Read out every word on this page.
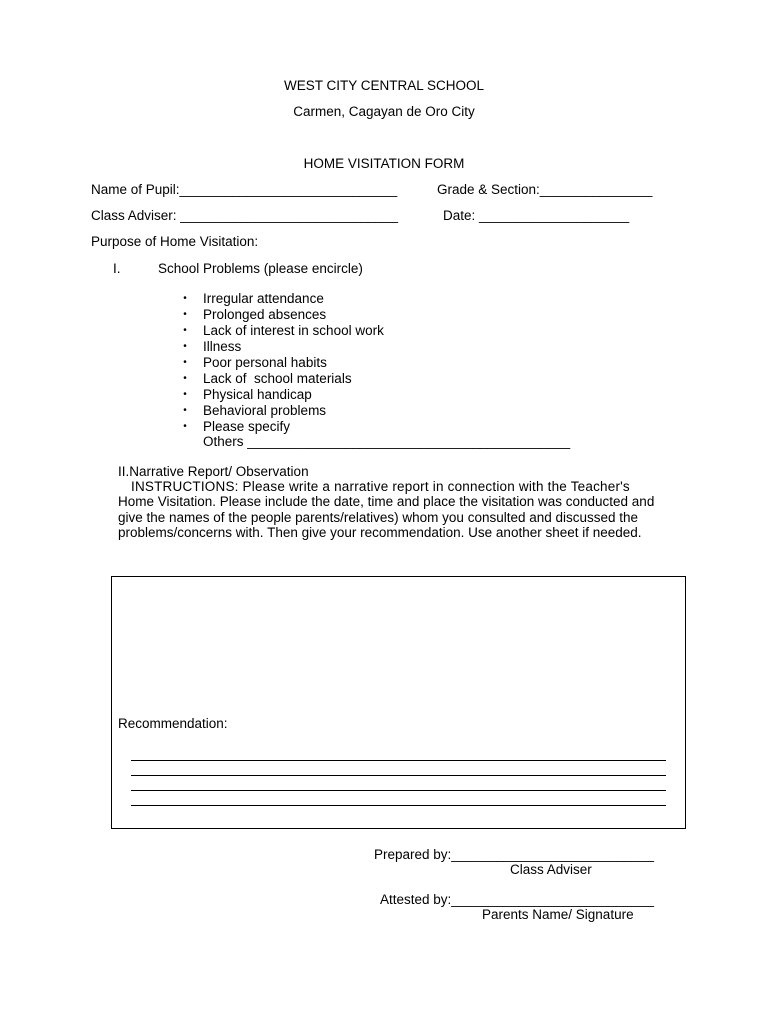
WEST CITY CENTRAL SCHOOL
Carmen, Cagayan de Oro City
HOME VISITATION FORM
Name of Pupil:_____________________________	Grade & Section:_______________
Class Adviser: _____________________________	Date: ____________________
Purpose of Home Visitation:
I.	School Problems (please encircle)
• Irregular attendance
• Prolonged absences
• Lack of interest in school work
• Illness
• Poor personal habits
• Lack of  school materials
• Physical handicap
• Behavioral problems
• Please specify
Others ___________________________________________
II.Narrative Report/ Observation
INSTRUCTIONS: Please write a narrative report in connection with the Teacher's
Home Visitation. Please include the date, time and place the visitation was conducted and give the names of the people parents/relatives) whom you consulted and discussed the problems/concerns with. Then give your recommendation. Use another sheet if needed.
Recommendation:
Prepared by:___________________________
Class Adviser
Attested by:___________________________
Parents Name/ Signature
